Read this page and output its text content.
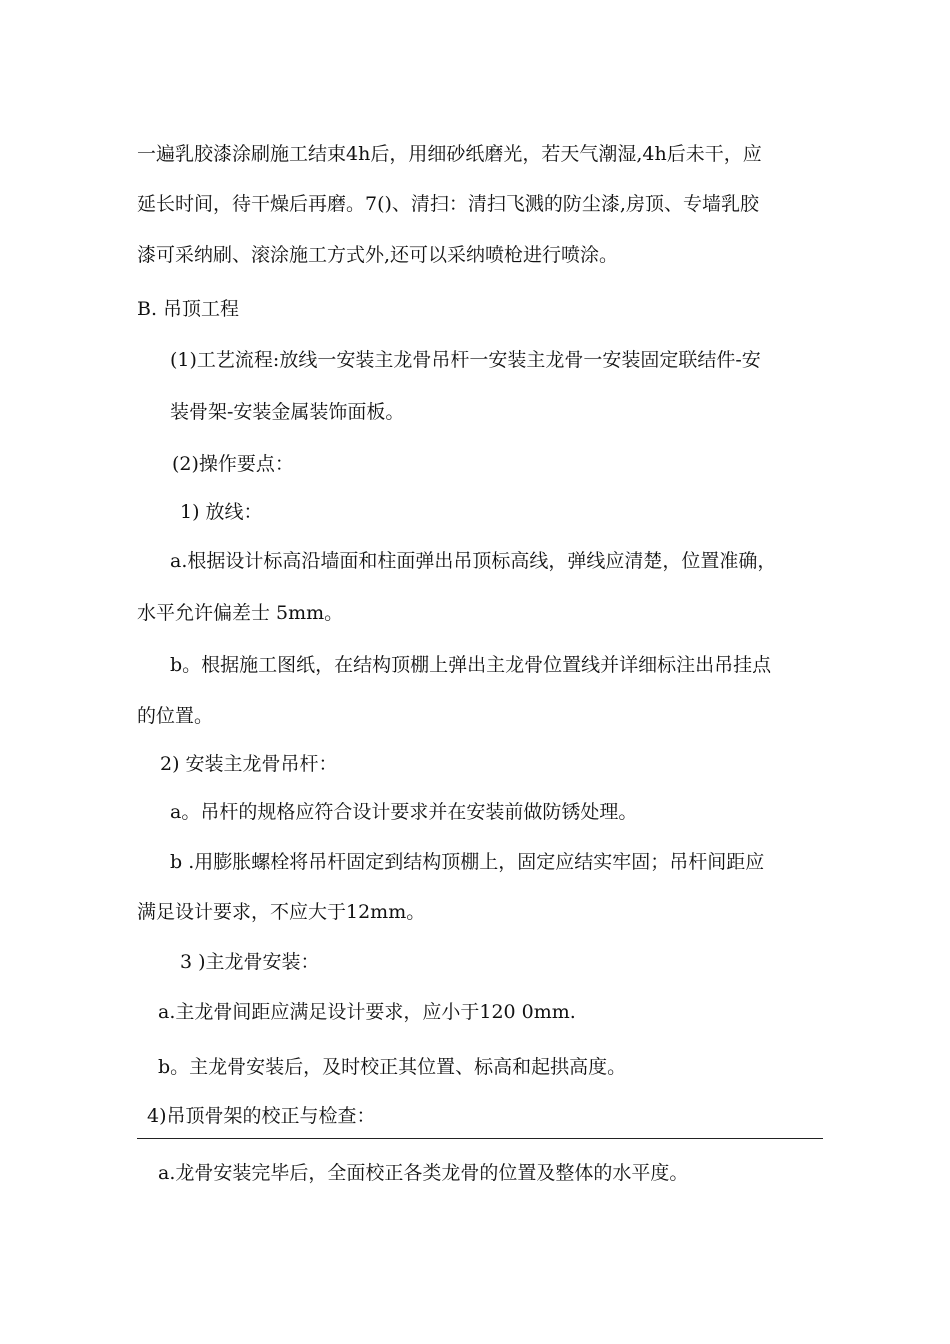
一遍乳胶漆涂刷施工结束4h后，用细砂纸磨光，若天气潮湿,4h后未干，应
延长时间，待干燥后再磨。7()、清扫：清扫飞溅的防尘漆,房顶、专墙乳胶
漆可采纳刷、滚涂施工方式外,还可以采纳喷枪进行喷涂。
B. 吊顶工程
(1)工艺流程:放线一安装主龙骨吊杆一安装主龙骨一安装固定联结件-安
装骨架-安装金属装饰面板。
(2)操作要点：
1) 放线：
a.根据设计标高沿墙面和柱面弹出吊顶标高线，弹线应清楚，位置准确，
水平允许偏差士 5mm。
b。根据施工图纸，在结构顶棚上弹出主龙骨位置线并详细标注出吊挂点
的位置。
2) 安装主龙骨吊杆：
a。吊杆的规格应符合设计要求并在安装前做防锈处理。
b .用膨胀螺栓将吊杆固定到结构顶棚上，固定应结实牢固；吊杆间距应
满足设计要求，不应大于12mm。
3 )主龙骨安装：
a.主龙骨间距应满足设计要求，应小于120 0mm.
b。主龙骨安装后，及时校正其位置、标高和起拱高度。
4)吊顶骨架的校正与检查：
a.龙骨安装完毕后，全面校正各类龙骨的位置及整体的水平度。
